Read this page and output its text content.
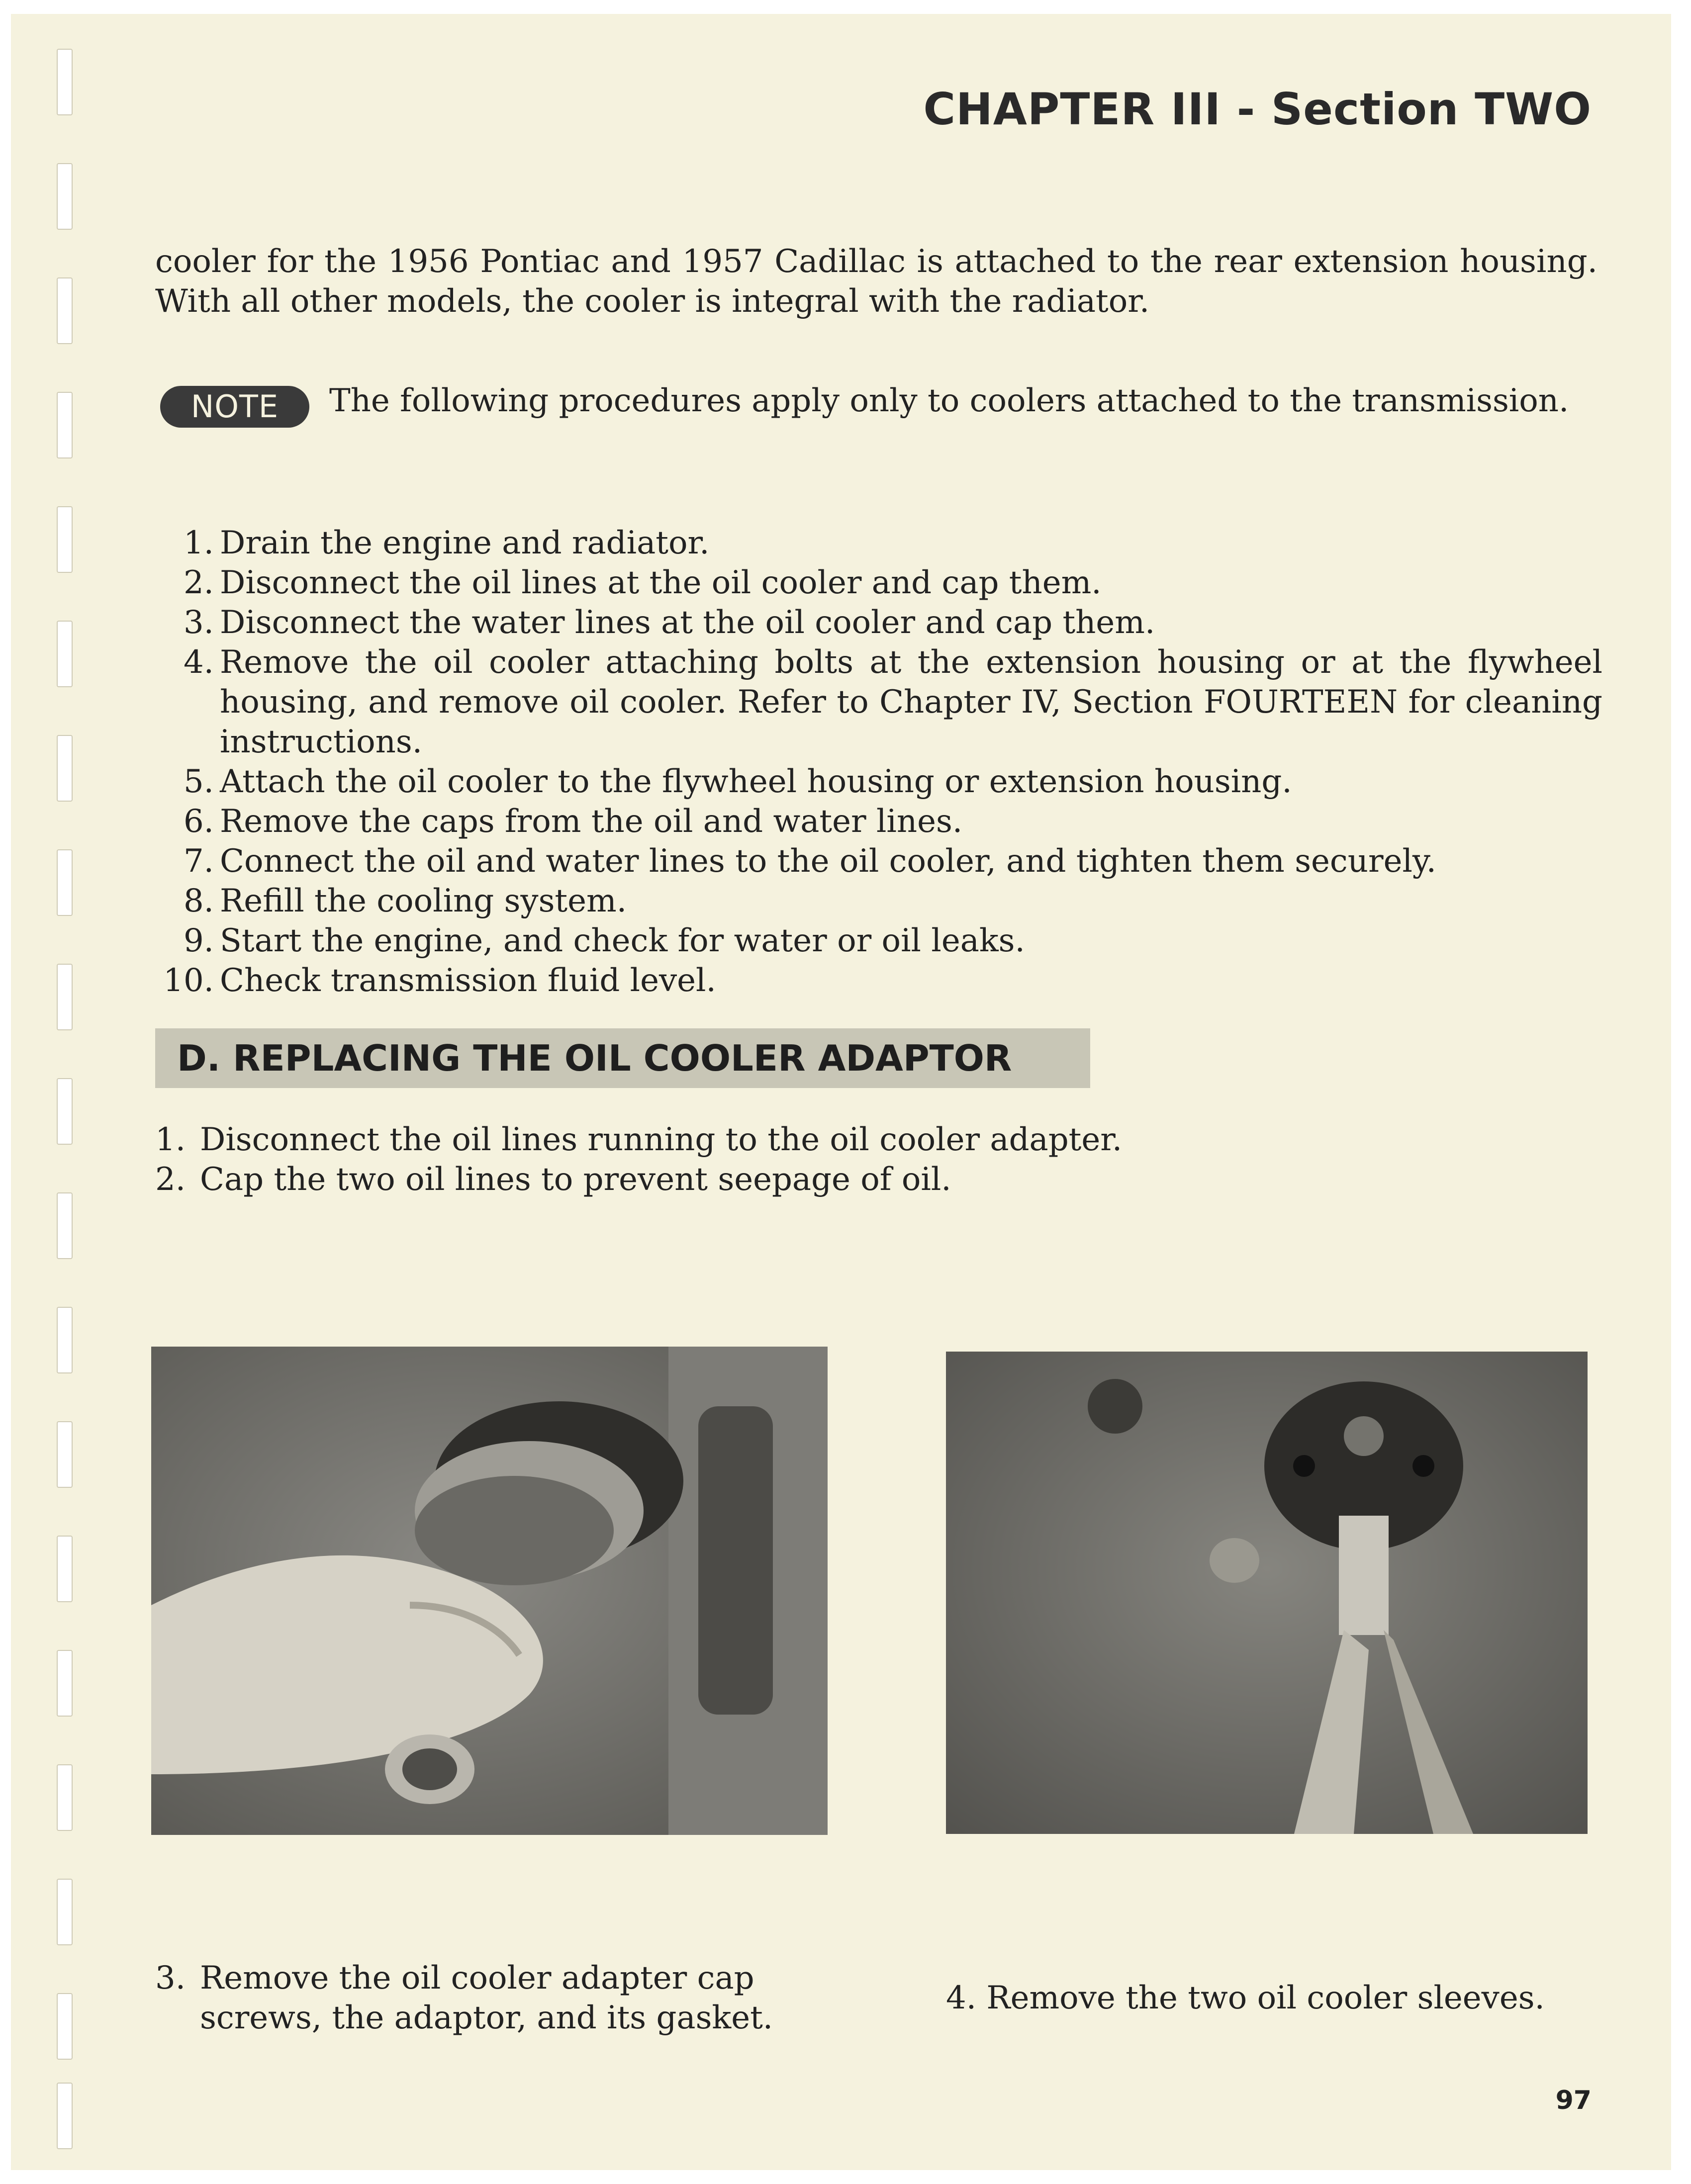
CHAPTER III - Section TWO

cooler for the 1956 Pontiac and 1957 Cadillac is attached to the rear extension housing. With all other models, the cooler is integral with the radiator.

NOTE	The following procedures apply only to coolers attached to the transmission.
1. Drain the engine and radiator.
2. Disconnect the oil lines at the oil cooler and cap them.
3. Disconnect the water lines at the oil cooler and cap them.
4. Remove the oil cooler attaching bolts at the extension housing or at the flywheel housing, and remove oil cooler. Refer to Chapter IV, Section FOURTEEN for cleaning instructions.
5. Attach the oil cooler to the flywheel housing or extension housing.
6. Remove the caps from the oil and water lines.
7. Connect the oil and water lines to the oil cooler, and tighten them securely.
8. Refill the cooling system.
9. Start the engine, and check for water or oil leaks.
10. Check transmission fluid level.
D. REPLACING THE OIL COOLER ADAPTOR
1. Disconnect the oil lines running to the oil cooler adapter.
2. Cap the two oil lines to prevent seepage of oil.
3. Remove the oil cooler adapter cap screws, the adaptor, and its gasket.
4. Remove the two oil cooler sleeves.
97
